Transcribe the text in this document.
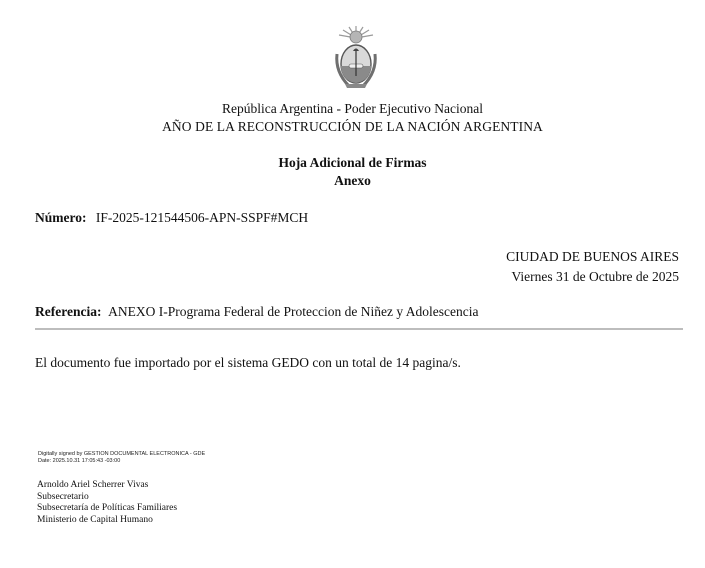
República Argentina - Poder Ejecutivo Nacional
AÑO DE LA RECONSTRUCCIÓN DE LA NACIÓN ARGENTINA
Hoja Adicional de Firmas
Anexo
Número: IF-2025-121544506-APN-SSPF#MCH
CIUDAD DE BUENOS AIRES
Viernes 31 de Octubre de 2025
Referencia: ANEXO I-Programa Federal de Proteccion de Niñez y Adolescencia
El documento fue importado por el sistema GEDO con un total de 14 pagina/s.
Digitally signed by GESTION DOCUMENTAL ELECTRONICA - GDE
Date: 2025.10.31 17:05:43 -03:00
Arnoldo Ariel Scherrer Vivas
Subsecretario
Subsecretaría de Políticas Familiares
Ministerio de Capital Humano
